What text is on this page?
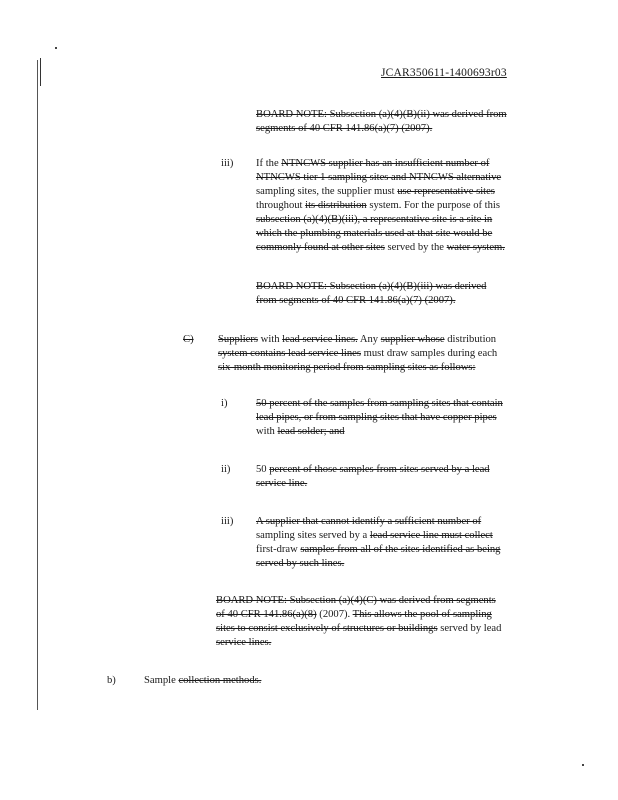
JCAR350611-1400693r03
BOARD NOTE: Subsection (a)(4)(B)(ii) was derived from
segments of 40 CFR 141.86(a)(7) (2007).
iii) If the NTNCWS supplier has an insufficient number of
NTNCWS tier 1 sampling sites and NTNCWS alternative
sampling sites, the supplier must use representative sites
throughout its distribution system. For the purpose of this
subsection (a)(4)(B)(iii), a representative site is a site in
which the plumbing materials used at that site would be
commonly found at other sites served by the water system.
BOARD NOTE: Subsection (a)(4)(B)(iii) was derived
from segments of 40 CFR 141.86(a)(7) (2007).
C) Suppliers with lead service lines. Any supplier whose distribution
system contains lead service lines must draw samples during each
six-month monitoring period from sampling sites as follows:
i)	50 percent of the samples from sampling sites that contain
lead pipes, or from sampling sites that have copper pipes
with lead solder; and
ii) 50 percent of those samples from sites served by a lead
service line.
iii) A supplier that cannot identify a sufficient number of
sampling sites served by a lead service line must collect
first-draw samples from all of the sites identified as being
served by such lines.
BOARD NOTE: Subsection (a)(4)(C) was derived from segments
of 40 CFR 141.86(a)(8) (2007). This allows the pool of sampling
sites to consist exclusively of structures or buildings served by lead
service lines.
b)	Sample collection methods.
